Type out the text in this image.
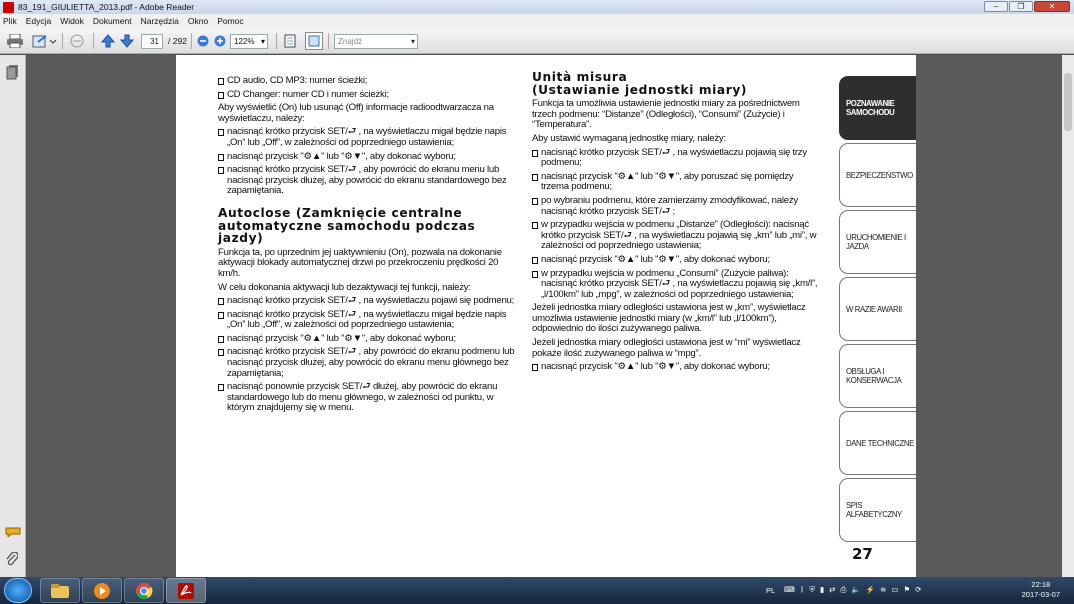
83_191_GIULIETTA_2013.pdf - Adobe Reader	–	❐	✕
Plik Edycja Widok Dokument Narzędzia Okno Pomoc
31	/ 292	122% ▾	Znajdź	▾
CD audio, CD MP3: numer ścieżki;
CD Changer: numer CD i numer ścieżki;
Aby wyświetlić (On) lub usunąć (Off) informacje radioodtwarzacza na wyświetlaczu, należy:
nacisnąć krótko przycisk SET/⮐ , na wyświetlaczu migał będzie napis „On” lub „Off”, w zależności od poprzedniego ustawienia;
nacisnąć przycisk "⚙▲" lub "⚙▼", aby dokonać wyboru;
nacisnąć krótko przycisk SET/⮐ , aby powrócić do ekranu menu lub nacisnąć przycisk dłużej, aby powrócić do ekranu standardowego bez zapamiętania.
Autoclose (Zamknięcie centralne
automatyczne samochodu podczas
jazdy)
Funkcja ta, po uprzednim jej uaktywnieniu (On), pozwala na dokonanie aktywacji blokady automatycznej drzwi po przekroczeniu prędkości 20 km/h.
W celu dokonania aktywacji lub dezaktywacji tej funkcji, należy:
nacisnąć krótko przycisk SET/⮐ , na wyświetlaczu pojawi się podmenu;
nacisnąć krótko przycisk SET/⮐ , na wyświetlaczu migał będzie napis „On” lub „Off”, w zależności od poprzedniego ustawienia;
nacisnąć przycisk "⚙▲" lub "⚙▼", aby dokonać wyboru;
nacisnąć krótko przycisk SET/⮐ , aby powrócić do ekranu podmenu lub nacisnąć przycisk dłużej, aby powrócić do ekranu menu głównego bez zapamiętania;
nacisnąć ponownie przycisk SET/⮐ dłużej, aby powrócić do ekranu standardowego lub do menu głównego, w zależności od punktu, w którym znajdujemy się w menu.
Unità misura
(Ustawianie jednostki miary)
Funkcja ta umożliwia ustawienie jednostki miary za pośrednictwem trzech podmenu: “Distanze” (Odległości), “Consumi” (Zużycie) i “Temperatura”.
Aby ustawić wymaganą jednostkę miary, należy:
nacisnąć krótko przycisk SET/⮐ , na wyświetlaczu pojawią się trzy podmenu;
nacisnąć przycisk "⚙▲" lub "⚙▼", aby poruszać się pomiędzy trzema podmenu;
po wybraniu podmenu, które zamierzamy zmodyfikować, należy nacisnąć krótko przycisk SET/⮐ ;
w przypadku wejścia w podmenu „Distanze” (Odległości): nacisnąć krótko przycisk SET/⮐ , na wyświetlaczu pojawią się „km” lub „mi”, w zależności od poprzedniego ustawienia;
nacisnąć przycisk "⚙▲" lub "⚙▼", aby dokonać wyboru;
w przypadku wejścia w podmenu „Consumi” (Zużycie paliwa): nacisnąć krótko przycisk SET/⮐ , na wyświetlaczu pojawią się „km/l”, „l/100km” lub „mpg”, w zależności od poprzedniego ustawienia;
Jeżeli jednostka miary odległości ustawiona jest w „km”, wyświetlacz umożliwia ustawienie jednostki miary (w „km/l” lub „l/100km”), odpowiednio do ilości zużywanego paliwa.
Jeżeli jednostka miary odległości ustawiona jest w “mi” wyświetlacz pokaże ilość zużywanego paliwa w “mpg”.
nacisnąć przycisk "⚙▲" lub "⚙▼", aby dokonać wyboru;
POZNAWANIE SAMOCHODU
BEZPIECZEŃSTWO
URUCHOMIENIE I JAZDA
W RAZIE AWARII
OBSŁUGA I KONSERWACJA
DANE TECHNICZNE
SPIS ALFABETYCZNY
27
PL ⌨ ᛒ ⛨ ▮ ⇄ ⎙ 🔈 ⚡ ≋ ▭ ⚑ ⟳
22:18
2017-03-07
